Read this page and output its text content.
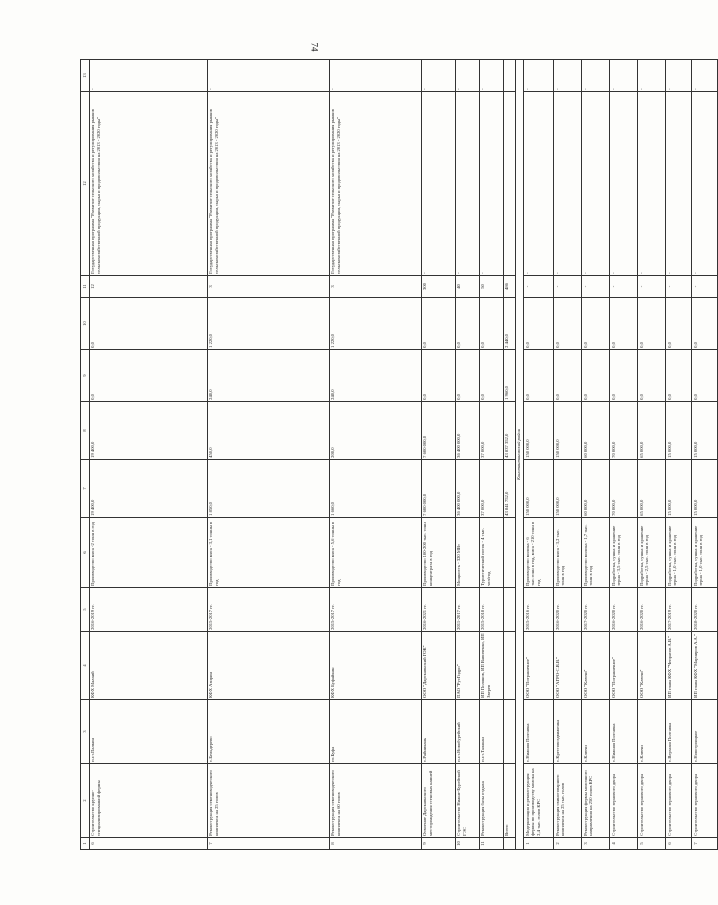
74
1	2	3	4	5	6	7	8	9	10	11	12	13
6	Строительство крупно-специализированной фермы	п.г.т.Палкин	КФХ Малаий	2016-2019 гг.	Производство мяса -2 тонн в год	19 400,0	19 400,0	0,0	0,0	12	Государственная программа "Развитие сельского хозяйства и регулирования рынков сельскохозяйственной продукции, сырья и продовольствия на 2013 - 2020 годы"	-
7	Реконструкция семеноводческого комплекса на 25 голов	с.Бельдерево	КФХ Азирин	2015-2017 гг.	Производство мяса - 3,1 тонны в год	1 850,0	450,0	240,0	1 220,0	3	Государственная программа "Развитие сельского хозяйства и регулирования рынков сельскохозяйственной продукции, сырья и продовольствия на 2013 - 2020 годы"	-
8	Реконструкция семеноводческого комплекса на 60 голов	пт.Буфа	КФХ Буфайкин	2015-2017 гг.	Производство мяса - 5,6 тонны в год	1 660,0	200,0	240,0	1 220,0	3	Государственная программа "Развитие сельского хозяйства и регулирования рынков сельскохозяйственной продукции, сырья и продовольствия на 2013 - 2020 годы"	-
9	Освоение Дарскапьского месторождения стеновых камней	с.Райникань	ООО "Дарскапьский ГОК"	2016-2021 гг.	Производство 100-200 тыс. тонн концентрата в год	7 600 000,0	7 600 000,0	0,0	0,0	300	-	-
10	Строительство Нижне-Бурейской ГЭС	п.г.т.Новобурейский	ПАО "РусГидро"	2011-2017 гг.	Мощность - 320 МВт	36 400 000,0	36 400 000,0	0,0	0,0	40	-	-
11	Реконструкция базы отдыха	п.г.т.Талакан	ИП Полянов, ИП Вавиченко, ИП Зверев	2015-2018 гг.	Туристический поток - 4 тыс. чел/год	37 000,0	37 000,0	0,0	0,0	50	-	-
	Всего					43 841 752,0	43 837 352,0	1 960,0	2 440,0	486		
Константиновский район												
1	Модернизация и реконструкция фермы по производству молока на 2,4 тыс. голов КРС	с.Нижняя Полтавка	ООО "Пограничное"	2015-2016 гг.	Производство молока - 6 тыс.тонн в год, мяса - 210 тонн в год	150 000,0	150 000,0	0,0	0,0	-	-	-
2	Реконструкция свинотоварного комплекса на 25 тыс. голов	с.Крестовоздвиженка	ООО "АГРО-С.В.В."	2016-2020 гг.	Производство мяса - 3,2 тыс. тонн в год	150 000,0	150 000,0	0,0	0,0	-	-	-
3	Реконструкция фермы молочного направления на 250 голов КРС	с.Ключи	ООО "Ключи"	2017-2020 гг.	Производство молока - 1,7 тыс. тонн в год	60 000,0	60 000,0	0,0	0,0	-	-	-
4	Строительство зернового двора	с.Нижняя Полтавка	ООО "Пограничное"	2016-2020 гг.	Подработка, сушка и хранение зерна - 3,5 тыс. тонн в год	70 000,0	70 000,0	0,0	0,0	-	-	-
5	Строительство зернового двора	с.Ключи	ООО "Ключи"	2016-2020 гг.	Подработка, сушка и хранение зерна - 2,5 тыс. тонн в год	65 000,0	65 000,0	0,0	0,0	-	-	-
6	Строительство зернового двора	с.Верхняя Полтавка	ИП глава КФХ "Чепрасов А.В."	2017-2019 гг.	Подработка, сушка и хранение зерна - 1,0 тыс. тонн в год	15 000,0	15 000,0	0,0	0,0	-	-	-
7	Строительство зернового двора	с.Новотроицкое	ИП глава КФХ "Марчиров А.А."	2018-2020 гг.	Подработка, сушка и хранение зерна - 1,0 тыс. тонн в год	15 000,0	15 000,0	0,0	0,0	-	-	-
